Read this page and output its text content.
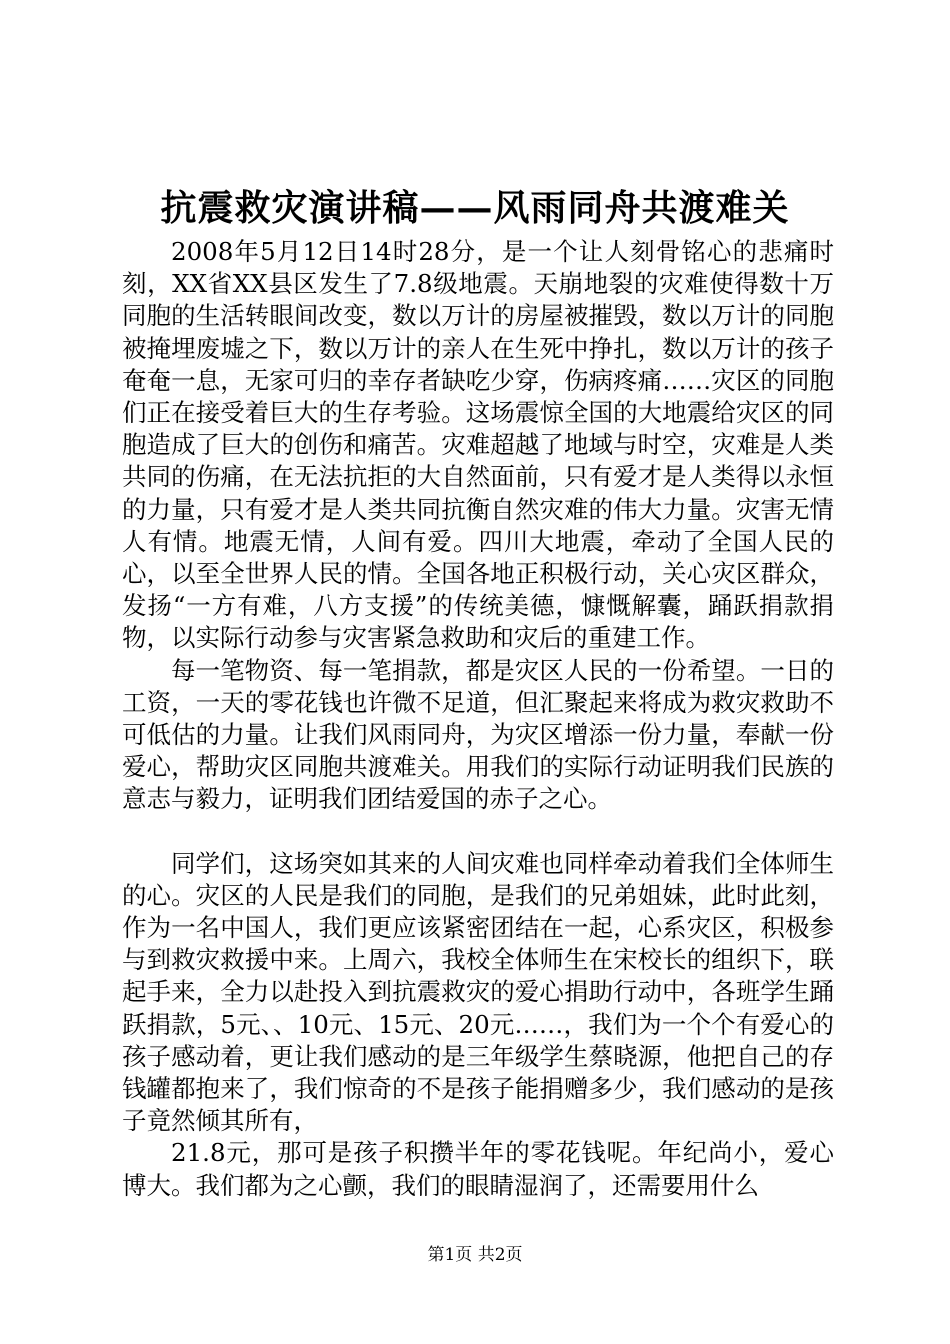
抗震救灾演讲稿——风雨同舟共渡难关

2008年5月12日14时28分，是一个让人刻骨铭心的悲痛时刻，XX省XX县区发生了7.8级地震。天崩地裂的灾难使得数十万同胞的生活转眼间改变，数以万计的房屋被摧毁，数以万计的同胞被掩埋废墟之下，数以万计的亲人在生死中挣扎，数以万计的孩子奄奄一息，无家可归的幸存者缺吃少穿，伤病疼痛……灾区的同胞们正在接受着巨大的生存考验。这场震惊全国的大地震给灾区的同胞造成了巨大的创伤和痛苦。灾难超越了地域与时空，灾难是人类共同的伤痛，在无法抗拒的大自然面前，只有爱才是人类得以永恒的力量，只有爱才是人类共同抗衡自然灾难的伟大力量。灾害无情人有情。地震无情，人间有爱。四川大地震，牵动了全国人民的心，以至全世界人民的情。全国各地正积极行动，关心灾区群众，发扬“一方有难，八方支援”的传统美德，慷慨解囊，踊跃捐款捐物，以实际行动参与灾害紧急救助和灾后的重建工作。

每一笔物资、每一笔捐款，都是灾区人民的一份希望。一日的工资，一天的零花钱也许微不足道，但汇聚起来将成为救灾救助不可低估的力量。让我们风雨同舟，为灾区增添一份力量，奉献一份爱心，帮助灾区同胞共渡难关。用我们的实际行动证明我们民族的意志与毅力，证明我们团结爱国的赤子之心。

同学们，这场突如其来的人间灾难也同样牵动着我们全体师生的心。灾区的人民是我们的同胞，是我们的兄弟姐妹，此时此刻，作为一名中国人，我们更应该紧密团结在一起，心系灾区，积极参与到救灾救援中来。上周六，我校全体师生在宋校长的组织下，联起手来，全力以赴投入到抗震救灾的爱心捐助行动中，各班学生踊跃捐款，5元、、10元、15元、20元……，我们为一个个有爱心的孩子感动着，更让我们感动的是三年级学生蔡晓源，他把自己的存钱罐都抱来了，我们惊奇的不是孩子能捐赠多少，我们感动的是孩子竟然倾其所有，

21.8元，那可是孩子积攒半年的零花钱呢。年纪尚小，爱心博大。我们都为之心颤，我们的眼睛湿润了，还需要用什么

第1页 共2页
